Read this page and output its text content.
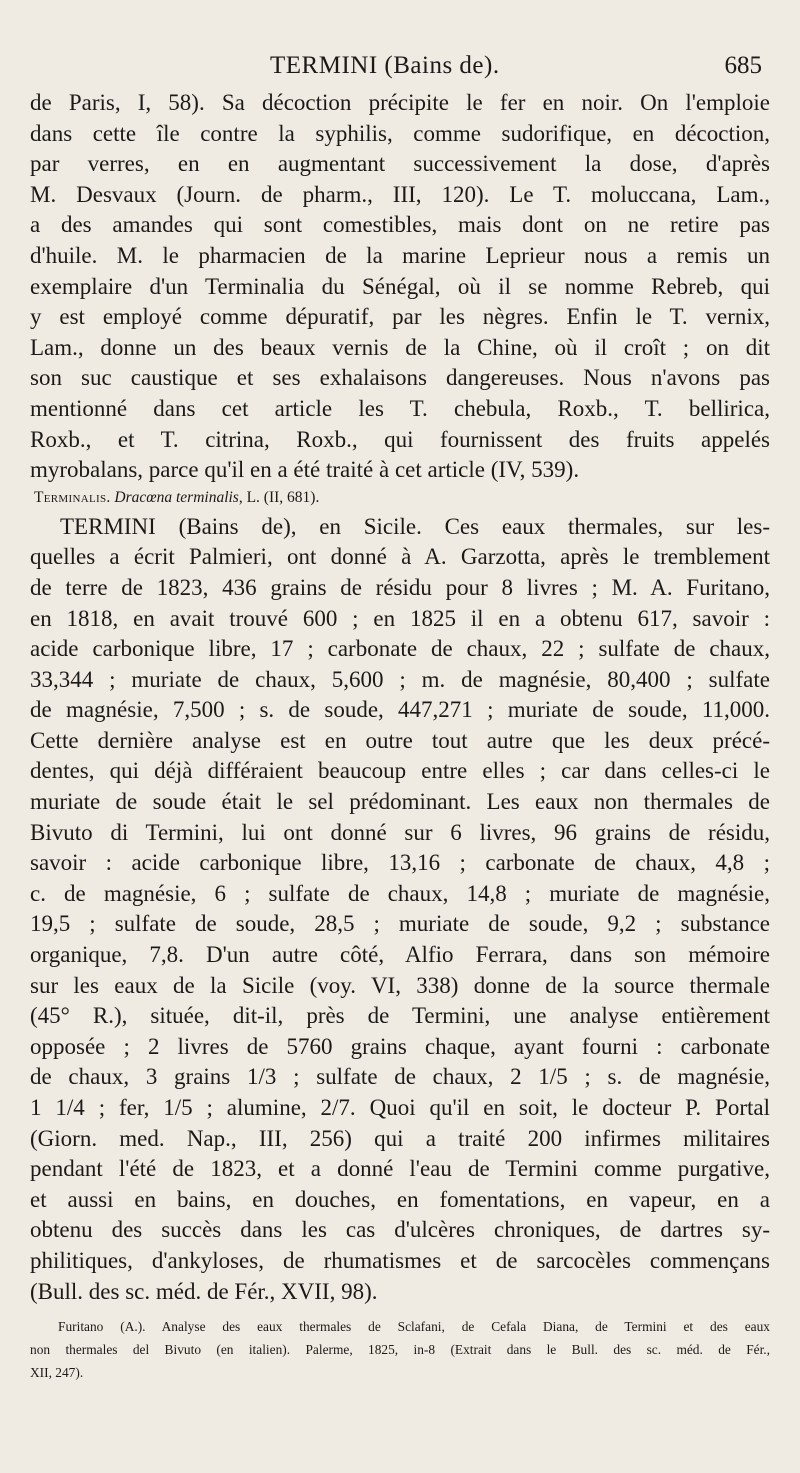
TERMINI (Bains de).	685
de Paris, I, 58). Sa décoction précipite le fer en noir. On l'emploie
dans cette île contre la syphilis, comme sudorifique, en décoction,
par verres, en en augmentant successivement la dose, d'après
M. Desvaux (Journ. de pharm., III, 120). Le T. moluccana, Lam.,
a des amandes qui sont comestibles, mais dont on ne retire pas
d'huile. M. le pharmacien de la marine Leprieur nous a remis un
exemplaire d'un Terminalia du Sénégal, où il se nomme Rebreb, qui
y est employé comme dépuratif, par les nègres. Enfin le T. vernix,
Lam., donne un des beaux vernis de la Chine, où il croît ; on dit
son suc caustique et ses exhalaisons dangereuses. Nous n'avons pas
mentionné dans cet article les T. chebula, Roxb., T. bellirica,
Roxb., et T. citrina, Roxb., qui fournissent des fruits appelés
myrobalans, parce qu'il en a été traité à cet article (IV, 539).
Terminalis. Dracœna terminalis, L. (II, 681).
TERMINI (Bains de), en Sicile. Ces eaux thermales, sur les-
quelles a écrit Palmieri, ont donné à A. Garzotta, après le tremblement
de terre de 1823, 436 grains de résidu pour 8 livres ; M. A. Furitano,
en 1818, en avait trouvé 600 ; en 1825 il en a obtenu 617, savoir :
acide carbonique libre, 17 ; carbonate de chaux, 22 ; sulfate de chaux,
33,344 ; muriate de chaux, 5,600 ; m. de magnésie, 80,400 ; sulfate
de magnésie, 7,500 ; s. de soude, 447,271 ; muriate de soude, 11,000.
Cette dernière analyse est en outre tout autre que les deux précé-
dentes, qui déjà différaient beaucoup entre elles ; car dans celles-ci le
muriate de soude était le sel prédominant. Les eaux non thermales de
Bivuto di Termini, lui ont donné sur 6 livres, 96 grains de résidu,
savoir : acide carbonique libre, 13,16 ; carbonate de chaux, 4,8 ;
c. de magnésie, 6 ; sulfate de chaux, 14,8 ; muriate de magnésie,
19,5 ; sulfate de soude, 28,5 ; muriate de soude, 9,2 ; substance
organique, 7,8. D'un autre côté, Alfio Ferrara, dans son mémoire
sur les eaux de la Sicile (voy. VI, 338) donne de la source thermale
(45° R.), située, dit-il, près de Termini, une analyse entièrement
opposée ; 2 livres de 5760 grains chaque, ayant fourni : carbonate
de chaux, 3 grains 1/3 ; sulfate de chaux, 2 1/5 ; s. de magnésie,
1 1/4 ; fer, 1/5 ; alumine, 2/7. Quoi qu'il en soit, le docteur P. Portal
(Giorn. med. Nap., III, 256) qui a traité 200 infirmes militaires
pendant l'été de 1823, et a donné l'eau de Termini comme purgative,
et aussi en bains, en douches, en fomentations, en vapeur, en a
obtenu des succès dans les cas d'ulcères chroniques, de dartres sy-
philitiques, d'ankyloses, de rhumatismes et de sarcocèles commençans
(Bull. des sc. méd. de Fér., XVII, 98).
Furitano (A.). Analyse des eaux thermales de Sclafani, de Cefala Diana, de Termini et des eaux
non thermales del Bivuto (en italien). Palerme, 1825, in-8 (Extrait dans le Bull. des sc. méd. de Fér.,
XII, 247).
